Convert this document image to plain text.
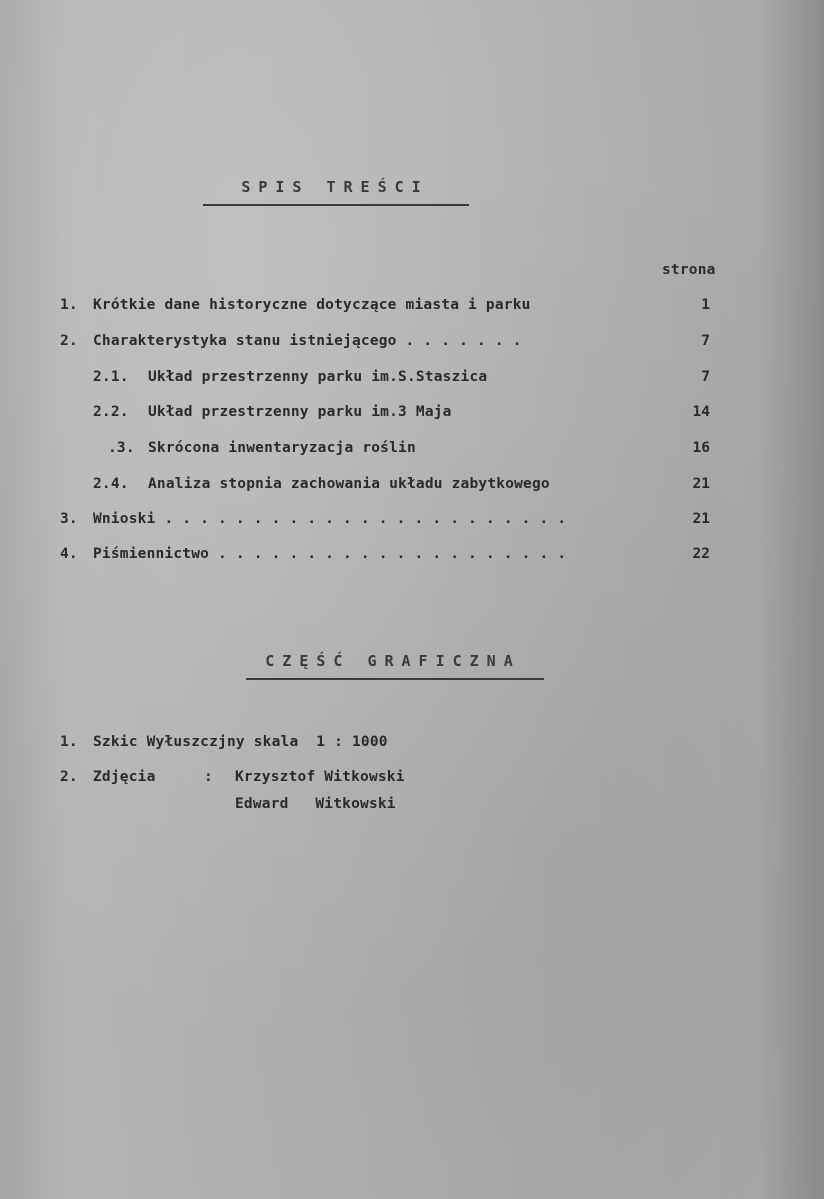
SPIS TREŚCI
strona
1. Krótkie dane historyczne dotyczące miasta i parku	1
2. Charakterystyka stanu istniejącego . . . . . . .	7
2.1. Układ przestrzenny parku im.S.Staszica	7
2.2. Układ przestrzenny parku im.3 Maja	14
.3. Skrócona inwentaryzacja roślin	16
2.4. Analiza stopnia zachowania układu zabytkowego	21
3. Wnioski . . . . . . . . . . . . . . . . . . . . . . .	21
4. Piśmiennictwo . . . . . . . . . . . . . . . . . . . .	22
CZĘŚĆ GRAFICZNA
1. Szkic Wyłuszczjny skala  1 : 1000
2. Zdjęcia	: Krzysztof Witkowski
Edward   Witkowski
